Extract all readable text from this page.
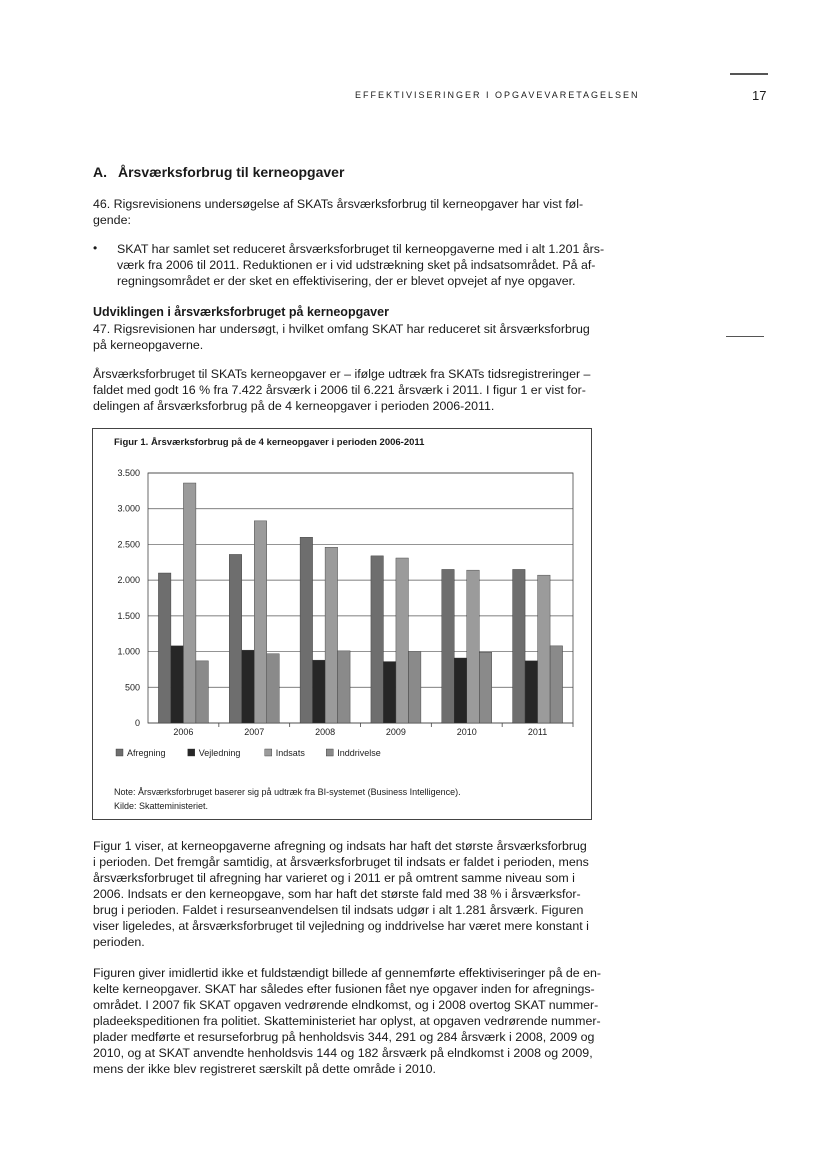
EFFEKTIVISERINGER I OPGAVEVARETAGELSEN	17
A. Årsværksforbrug til kerneopgaver
46. Rigsrevisionens undersøgelse af SKATs årsværksforbrug til kerneopgaver har vist føl-
gende:
• SKAT har samlet set reduceret årsværksforbruget til kerneopgaverne med i alt 1.201 års-
værk fra 2006 til 2011. Reduktionen er i vid udstrækning sket på indsatsområdet. På af-
regningsområdet er der sket en effektivisering, der er blevet opvejet af nye opgaver.
Udviklingen i årsværksforbruget på kerneopgaver
47. Rigsrevisionen har undersøgt, i hvilket omfang SKAT har reduceret sit årsværksforbrug
på kerneopgaverne.
Årsværksforbruget til SKATs kerneopgaver er – ifølge udtræk fra SKATs tidsregistreringer –
faldet med godt 16 % fra 7.422 årsværk i 2006 til 6.221 årsværk i 2011. I figur 1 er vist for-
delingen af årsværksforbrug på de 4 kerneopgaver i perioden 2006-2011.
Figur 1. Årsværksforbrug på de 4 kerneopgaver i perioden 2006-2011
0
500
1.000
1.500
2.000
2.500
3.000
3.500
2006	2007	2008	2009	2010	2011
Afregning	Vejledning	Indsats	Inddrivelse
Note: Årsværksforbruget baserer sig på udtræk fra BI-systemet (Business Intelligence).
Kilde: Skatteministeriet.
Figur 1 viser, at kerneopgaverne afregning og indsats har haft det største årsværksforbrug
i perioden. Det fremgår samtidig, at årsværksforbruget til indsats er faldet i perioden, mens
årsværksforbruget til afregning har varieret og i 2011 er på omtrent samme niveau som i
2006. Indsats er den kerneopgave, som har haft det største fald med 38 % i årsværksfor-
brug i perioden. Faldet i resurseanvendelsen til indsats udgør i alt 1.281 årsværk. Figuren
viser ligeledes, at årsværksforbruget til vejledning og inddrivelse har været mere konstant i
perioden.
Figuren giver imidlertid ikke et fuldstændigt billede af gennemførte effektiviseringer på de en-
kelte kerneopgaver. SKAT har således efter fusionen fået nye opgaver inden for afregnings-
området. I 2007 fik SKAT opgaven vedrørende elndkomst, og i 2008 overtog SKAT nummer-
pladeekspeditionen fra politiet. Skatteministeriet har oplyst, at opgaven vedrørende nummer-
plader medførte et resurseforbrug på henholdsvis 344, 291 og 284 årsværk i 2008, 2009 og
2010, og at SKAT anvendte henholdsvis 144 og 182 årsværk på elndkomst i 2008 og 2009,
mens der ikke blev registreret særskilt på dette område i 2010.
